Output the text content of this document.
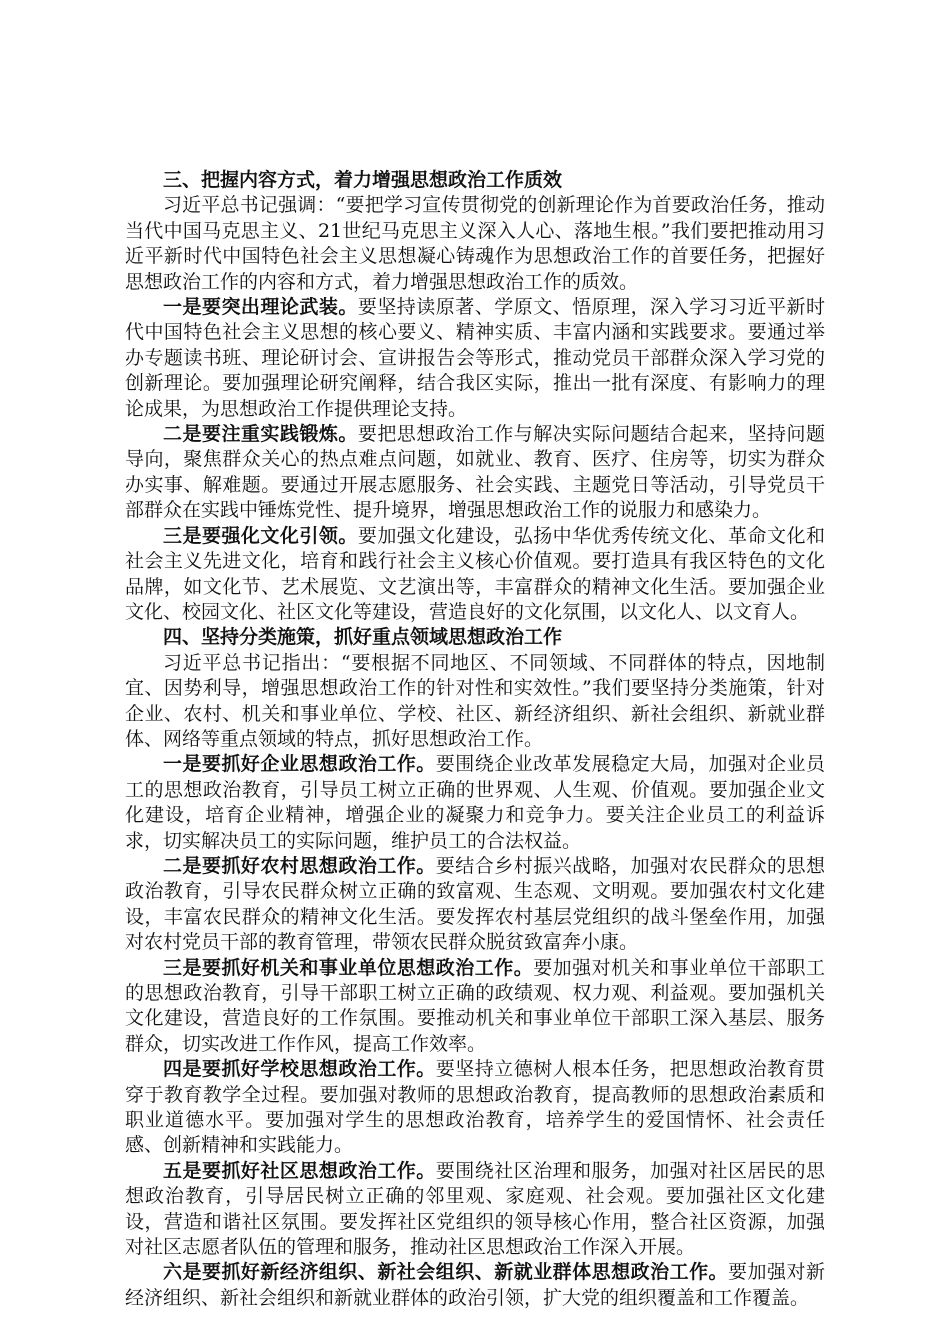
三、把握内容方式，着力增强思想政治工作质效

习近平总书记强调：“要把学习宣传贯彻党的创新理论作为首要政治任务，推动当代中国马克思主义、21世纪马克思主义深入人心、落地生根。”我们要把推动用习近平新时代中国特色社会主义思想凝心铸魂作为思想政治工作的首要任务，把握好思想政治工作的内容和方式，着力增强思想政治工作的质效。

一是要突出理论武装。要坚持读原著、学原文、悟原理，深入学习习近平新时代中国特色社会主义思想的核心要义、精神实质、丰富内涵和实践要求。要通过举办专题读书班、理论研讨会、宣讲报告会等形式，推动党员干部群众深入学习党的创新理论。要加强理论研究阐释，结合我区实际，推出一批有深度、有影响力的理论成果，为思想政治工作提供理论支持。

二是要注重实践锻炼。要把思想政治工作与解决实际问题结合起来，坚持问题导向，聚焦群众关心的热点难点问题，如就业、教育、医疗、住房等，切实为群众办实事、解难题。要通过开展志愿服务、社会实践、主题党日等活动，引导党员干部群众在实践中锤炼党性、提升境界，增强思想政治工作的说服力和感染力。

三是要强化文化引领。要加强文化建设，弘扬中华优秀传统文化、革命文化和社会主义先进文化，培育和践行社会主义核心价值观。要打造具有我区特色的文化品牌，如文化节、艺术展览、文艺演出等，丰富群众的精神文化生活。要加强企业文化、校园文化、社区文化等建设，营造良好的文化氛围，以文化人、以文育人。

四、坚持分类施策，抓好重点领域思想政治工作

习近平总书记指出：“要根据不同地区、不同领域、不同群体的特点，因地制宜、因势利导，增强思想政治工作的针对性和实效性。”我们要坚持分类施策，针对企业、农村、机关和事业单位、学校、社区、新经济组织、新社会组织、新就业群体、网络等重点领域的特点，抓好思想政治工作。

一是要抓好企业思想政治工作。要围绕企业改革发展稳定大局，加强对企业员工的思想政治教育，引导员工树立正确的世界观、人生观、价值观。要加强企业文化建设，培育企业精神，增强企业的凝聚力和竞争力。要关注企业员工的利益诉求，切实解决员工的实际问题，维护员工的合法权益。

二是要抓好农村思想政治工作。要结合乡村振兴战略，加强对农民群众的思想政治教育，引导农民群众树立正确的致富观、生态观、文明观。要加强农村文化建设，丰富农民群众的精神文化生活。要发挥农村基层党组织的战斗堡垒作用，加强对农村党员干部的教育管理，带领农民群众脱贫致富奔小康。

三是要抓好机关和事业单位思想政治工作。要加强对机关和事业单位干部职工的思想政治教育，引导干部职工树立正确的政绩观、权力观、利益观。要加强机关文化建设，营造良好的工作氛围。要推动机关和事业单位干部职工深入基层、服务群众，切实改进工作作风，提高工作效率。

四是要抓好学校思想政治工作。要坚持立德树人根本任务，把思想政治教育贯穿于教育教学全过程。要加强对教师的思想政治教育，提高教师的思想政治素质和职业道德水平。要加强对学生的思想政治教育，培养学生的爱国情怀、社会责任感、创新精神和实践能力。

五是要抓好社区思想政治工作。要围绕社区治理和服务，加强对社区居民的思想政治教育，引导居民树立正确的邻里观、家庭观、社会观。要加强社区文化建设，营造和谐社区氛围。要发挥社区党组织的领导核心作用，整合社区资源，加强对社区志愿者队伍的管理和服务，推动社区思想政治工作深入开展。

六是要抓好新经济组织、新社会组织、新就业群体思想政治工作。要加强对新经济组织、新社会组织和新就业群体的政治引领，扩大党的组织覆盖和工作覆盖。
